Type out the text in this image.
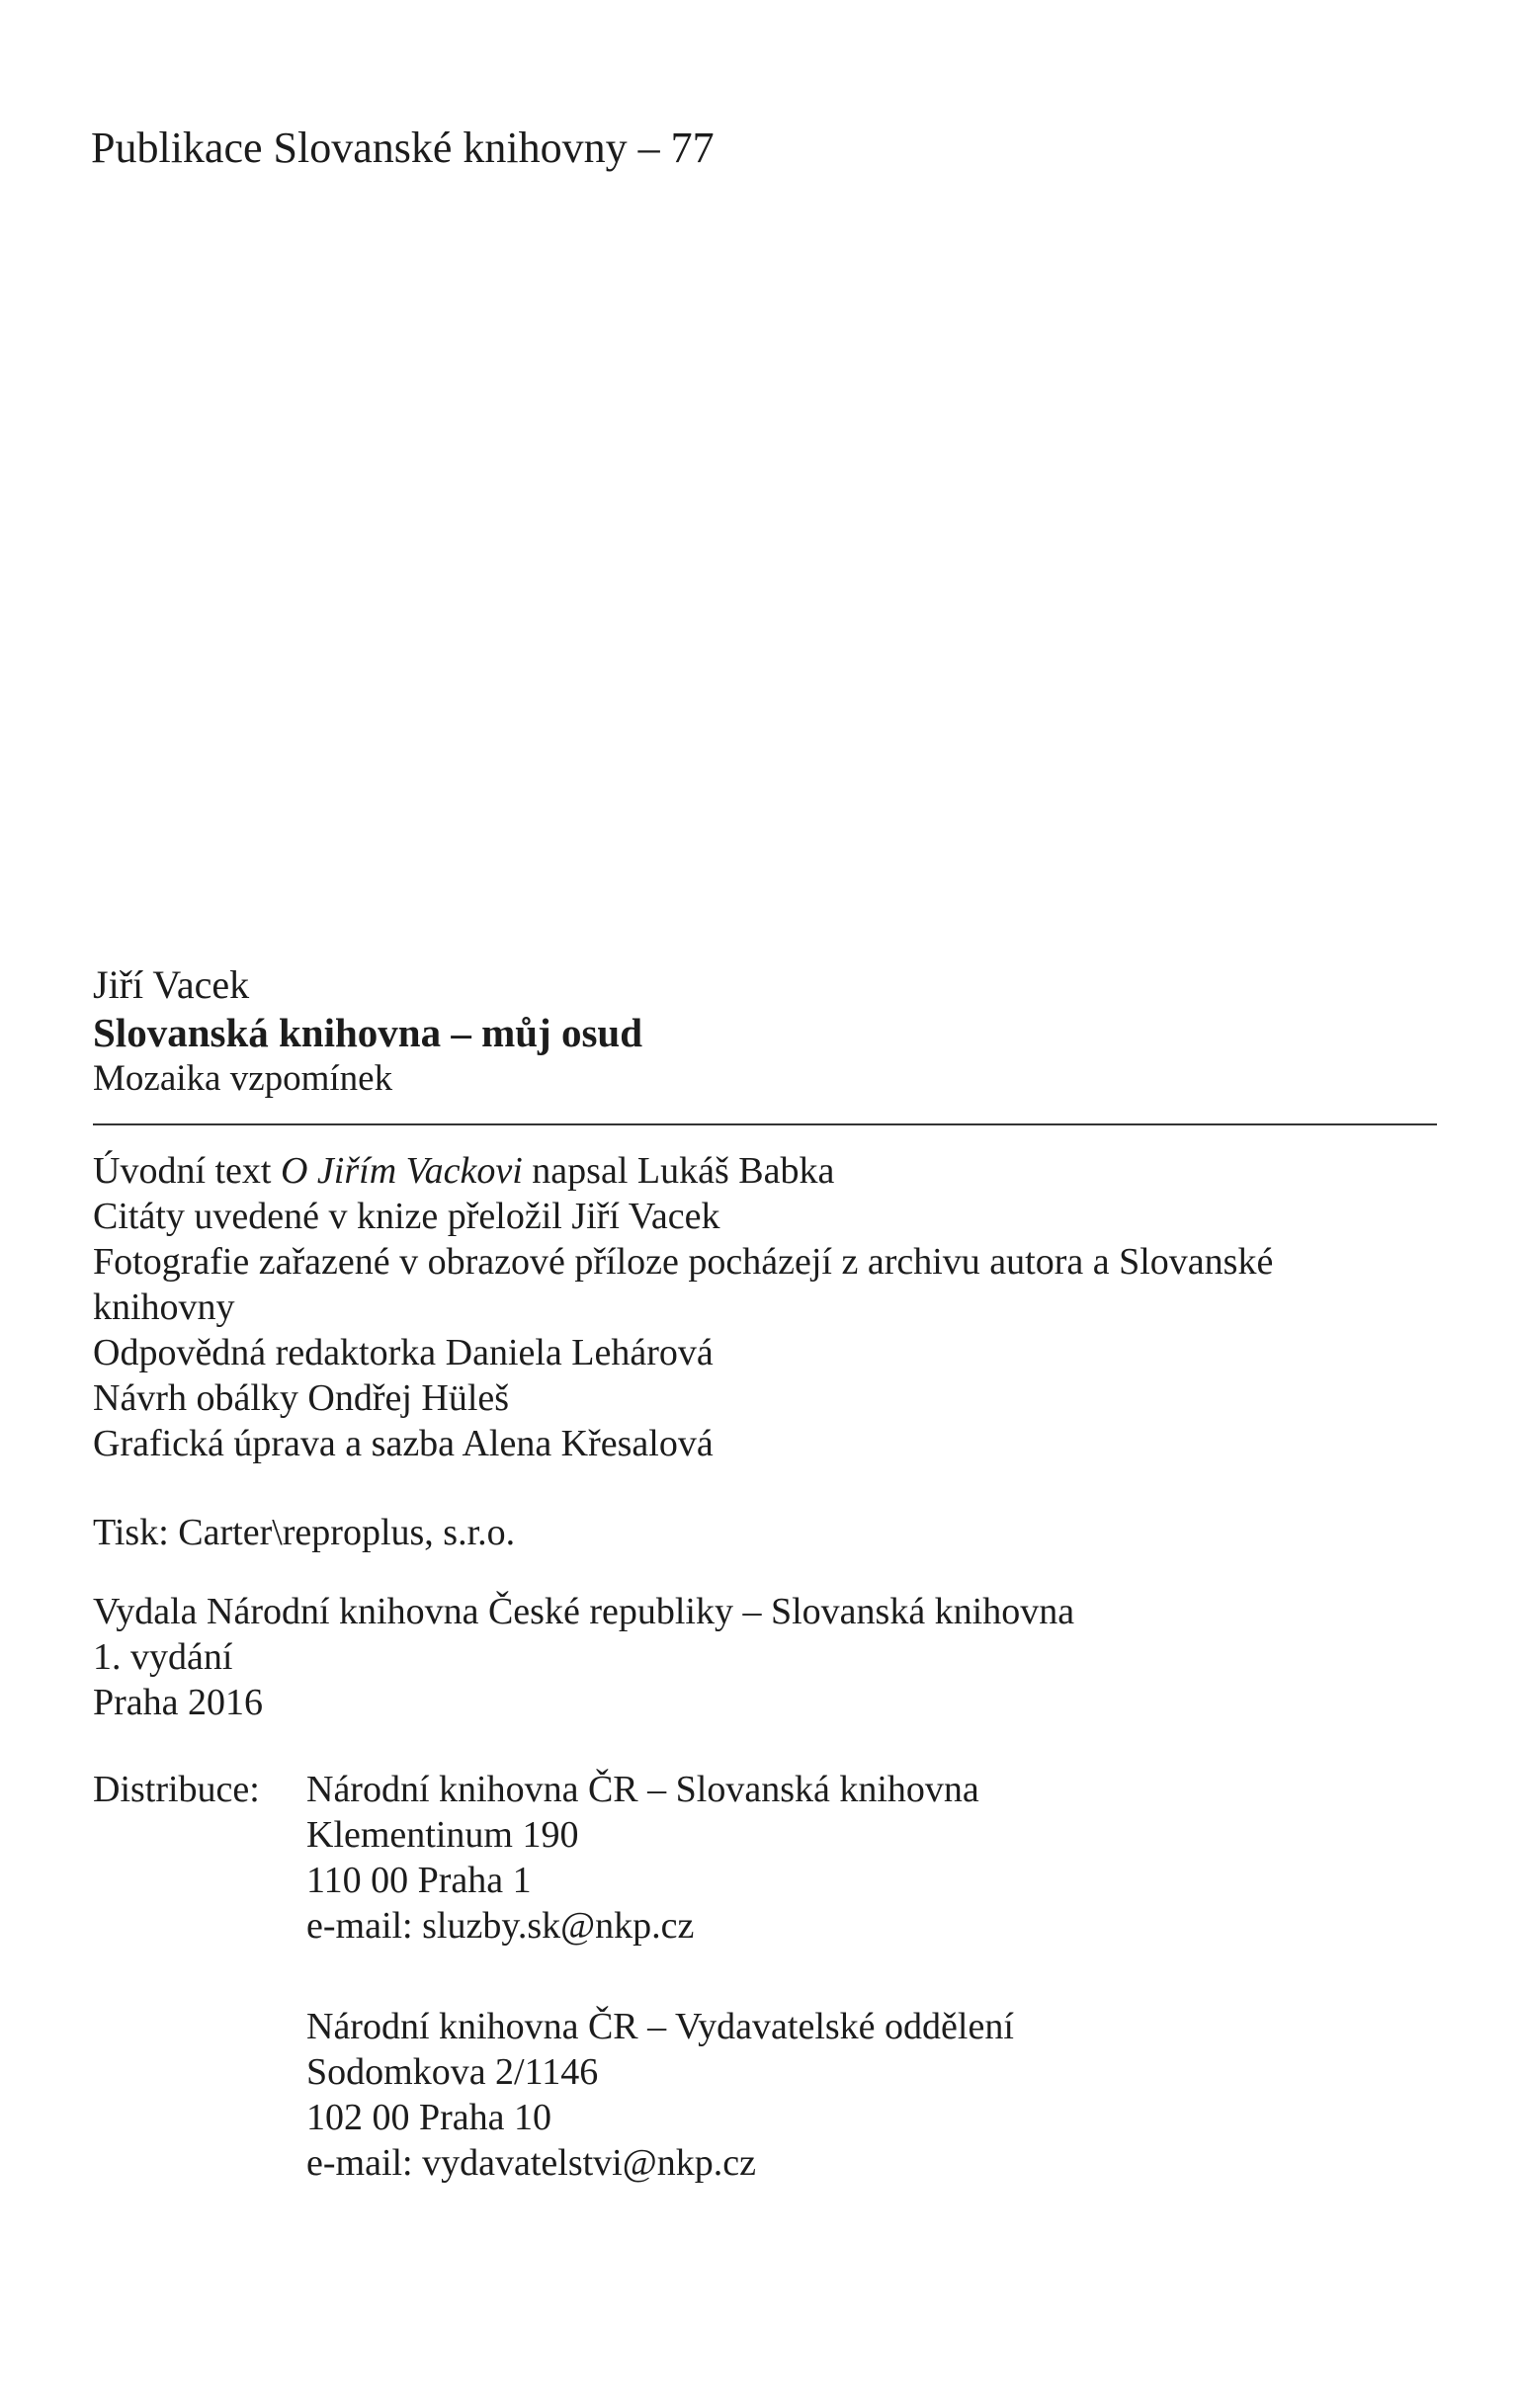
Publikace Slovanské knihovny – 77
Jiří Vacek
Slovanská knihovna – můj osud
Mozaika vzpomínek
Úvodní text O Jiřím Vackovi napsal Lukáš Babka
Citáty uvedené v knize přeložil Jiří Vacek
Fotografie zařazené v obrazové příloze pocházejí z archivu autora a Slovanské
knihovny
Odpovědná redaktorka Daniela Lehárová
Návrh obálky Ondřej Hüleš
Grafická úprava a sazba Alena Křesalová
Tisk: Carter\reproplus, s.r.o.
Vydala Národní knihovna České republiky – Slovanská knihovna
1. vydání
Praha 2016
Distribuce: Národní knihovna ČR – Slovanská knihovna
Klementinum 190
110 00 Praha 1
e-mail: sluzby.sk@nkp.cz
Národní knihovna ČR – Vydavatelské oddělení
Sodomkova 2/1146
102 00 Praha 10
e-mail: vydavatelstvi@nkp.cz
